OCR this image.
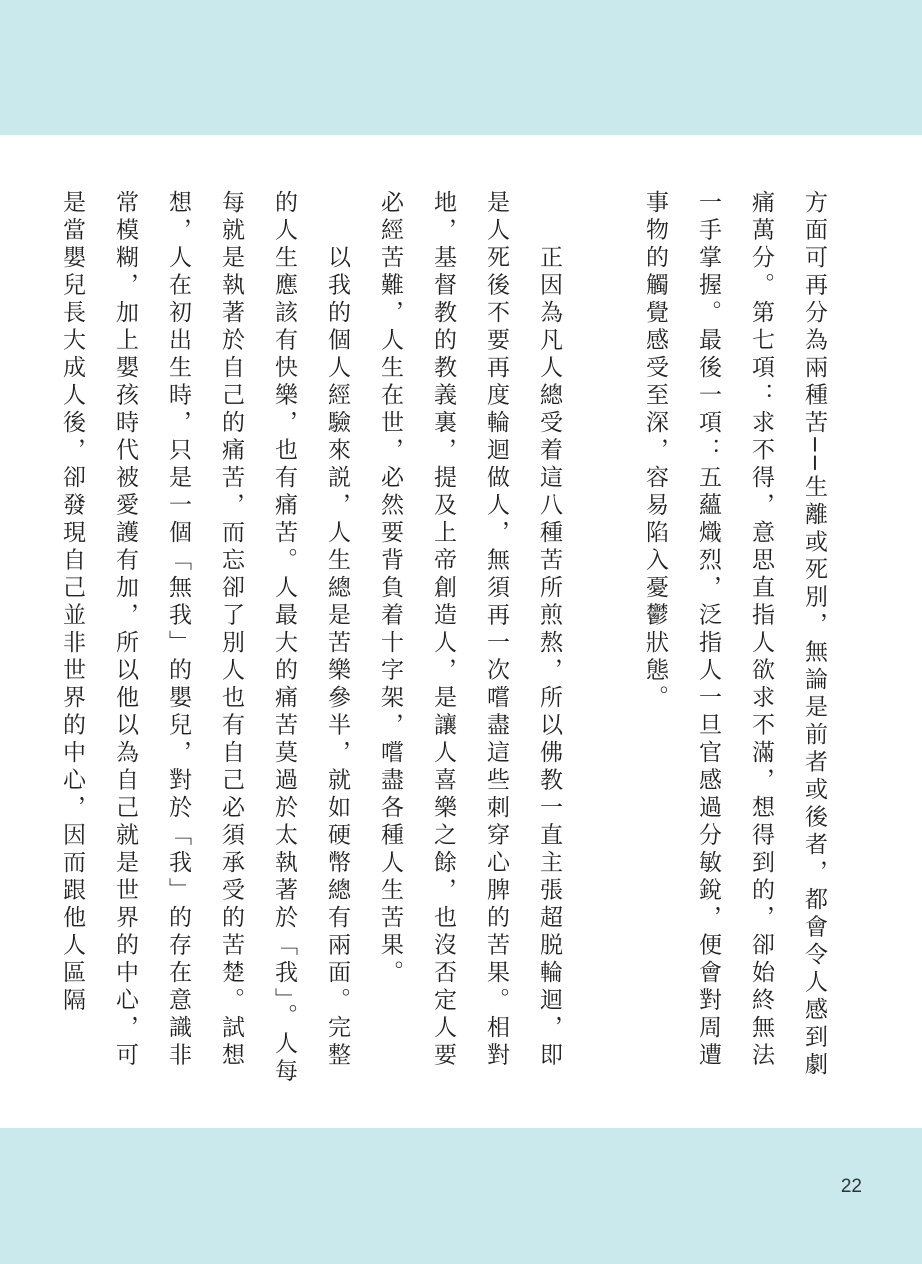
方面可再分為兩種苦──生離或死別，無論是前者或後者，都會令人感到劇痛萬分。第七項：求不得，意思直指人欲求不滿，想得到的，卻始終無法一手掌握。最後一項：五蘊熾烈，泛指人一旦官感過分敏銳，便會對周遭事物的觸覺感受至深，容易陷入憂鬱狀態。

　　正因為凡人總受着這八種苦所煎熬，所以佛教一直主張超脱輪迴，即是人死後不要再度輪迴做人，無須再一次嚐盡這些刺穿心脾的苦果。相對地，基督教的教義裏，提及上帝創造人，是讓人喜樂之餘，也沒否定人要必經苦難，人生在世，必然要背負着十字架，嚐盡各種人生苦果。

　　以我的個人經驗來説，人生總是苦樂參半，就如硬幣總有兩面。完整的人生應該有快樂，也有痛苦。人最大的痛苦莫過於太執著於「我」。人每每就是執著於自己的痛苦，而忘卻了別人也有自己必須承受的苦楚。試想想，人在初出生時，只是一個「無我」的嬰兒，對於「我」的存在意識非常模糊，加上嬰孩時代被愛護有加，所以他以為自己就是世界的中心，可是當嬰兒長大成人後，卻發現自己並非世界的中心，因而跟他人區隔

22
